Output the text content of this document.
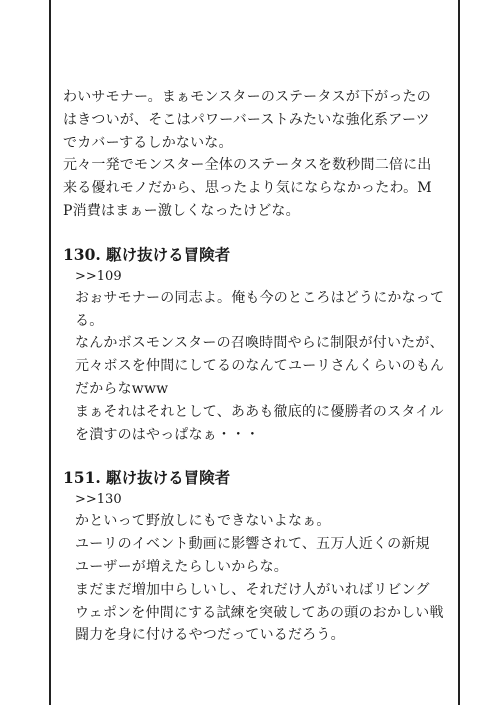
わいサモナー。まぁモンスターのステータスが下がったの

はきついが、そこはパワーバーストみたいな強化系アーツ

でカバーするしかないな。

元々一発でモンスター全体のステータスを数秒間二倍に出

来る優れモノだから、思ったより気にならなかったわ。M

P消費はまぁー激しくなったけどな。

130. 駆け抜ける冒険者

>>109

おぉサモナーの同志よ。俺も今のところはどうにかなって

る。

なんかボスモンスターの召喚時間やらに制限が付いたが、

元々ボスを仲間にしてるのなんてユーリさんくらいのもん

だからなwww

まぁそれはそれとして、ああも徹底的に優勝者のスタイル

を潰すのはやっぱなぁ・・・

151. 駆け抜ける冒険者

>>130

かといって野放しにもできないよなぁ。

ユーリのイベント動画に影響されて、五万人近くの新規

ユーザーが増えたらしいからな。

まだまだ増加中らしいし、それだけ人がいればリビング

ウェポンを仲間にする試練を突破してあの頭のおかしい戦

闘力を身に付けるやつだっているだろう。
